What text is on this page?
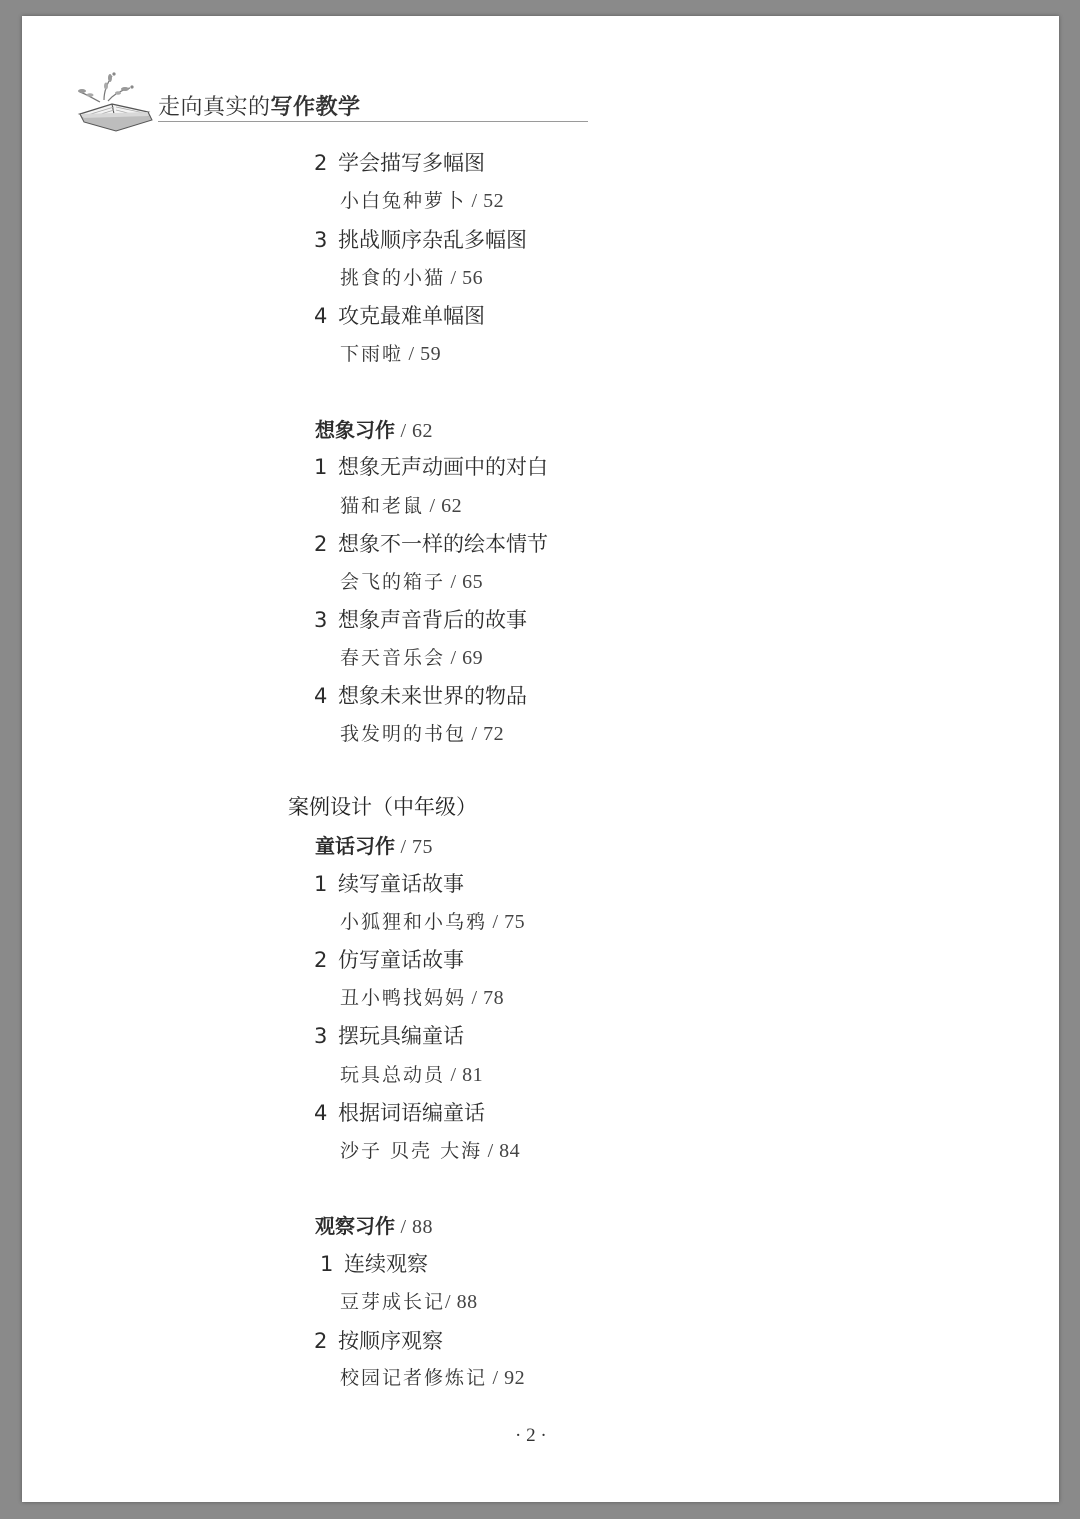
走向真实的写作教学
2 学会描写多幅图
小白兔种萝卜 / 52
3 挑战顺序杂乱多幅图
挑食的小猫 / 56
4 攻克最难单幅图
下雨啦 / 59
想象习作 / 62
1 想象无声动画中的对白
猫和老鼠 / 62
2 想象不一样的绘本情节
会飞的箱子 / 65
3 想象声音背后的故事
春天音乐会 / 69
4 想象未来世界的物品
我发明的书包 / 72
案例设计（中年级）
童话习作 / 75
1 续写童话故事
小狐狸和小乌鸦 / 75
2 仿写童话故事
丑小鸭找妈妈 / 78
3 摆玩具编童话
玩具总动员 / 81
4 根据词语编童话
沙子 贝壳 大海 / 84
观察习作 / 88
1 连续观察
豆芽成长记/ 88
2 按顺序观察
校园记者修炼记 / 92
· 2 ·
